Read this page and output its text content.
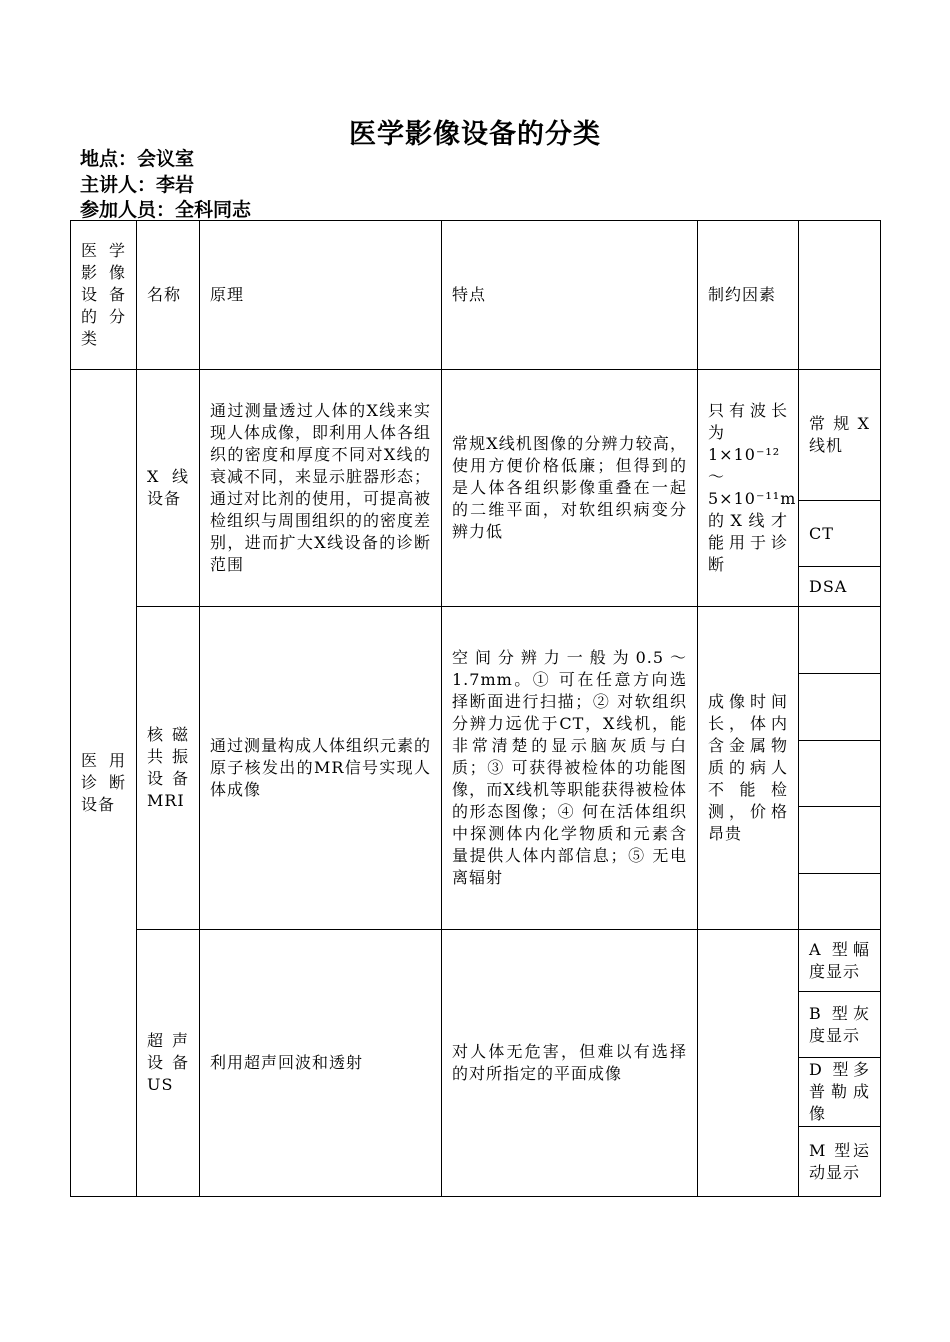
医学影像设备的分类
地点：会议室
主讲人：李岩
参加人员：全科同志
医学影像设备的分类	名称	原理	特点	制约因素	
医用诊断设备	X 线设备	通过测量透过人体的X线来实现人体成像，即利用人体各组织的密度和厚度不同对X线的衰减不同，来显示脏器形态；通过对比剂的使用，可提高被检组织与周围组织的的密度差别，进而扩大X线设备的诊断范围	常规X线机图像的分辨力较高，使用方便价格低廉；但得到的是人体各组织影像重叠在一起的二维平面，对软组织病变分辨力低	只有波长为 1×10⁻¹²～5×10⁻¹¹m的X线才能用于诊断	常规X线机
					CT
					DSA
	核磁共振设备MRI	通过测量构成人体组织元素的原子核发出的MR信号实现人体成像	空间分辨力一般为0.5～1.7mm。① 可在任意方向选择断面进行扫描；② 对软组织分辨力远优于CT，X线机，能非常清楚的显示脑灰质与白质；③ 可获得被检体的功能图像，而X线机等职能获得被检体的形态图像；④ 何在活体组织中探测体内化学物质和元素含量提供人体内部信息；⑤ 无电离辐射	成像时间长，体内含金属物质的病人不能检测，价格昂贵	

	超声设备US	利用超声回波和透射	对人体无危害，但难以有选择的对所指定的平面成像		A 型幅度显示
					B 型灰度显示
					D 型多普勒成像
					M 型运动显示
